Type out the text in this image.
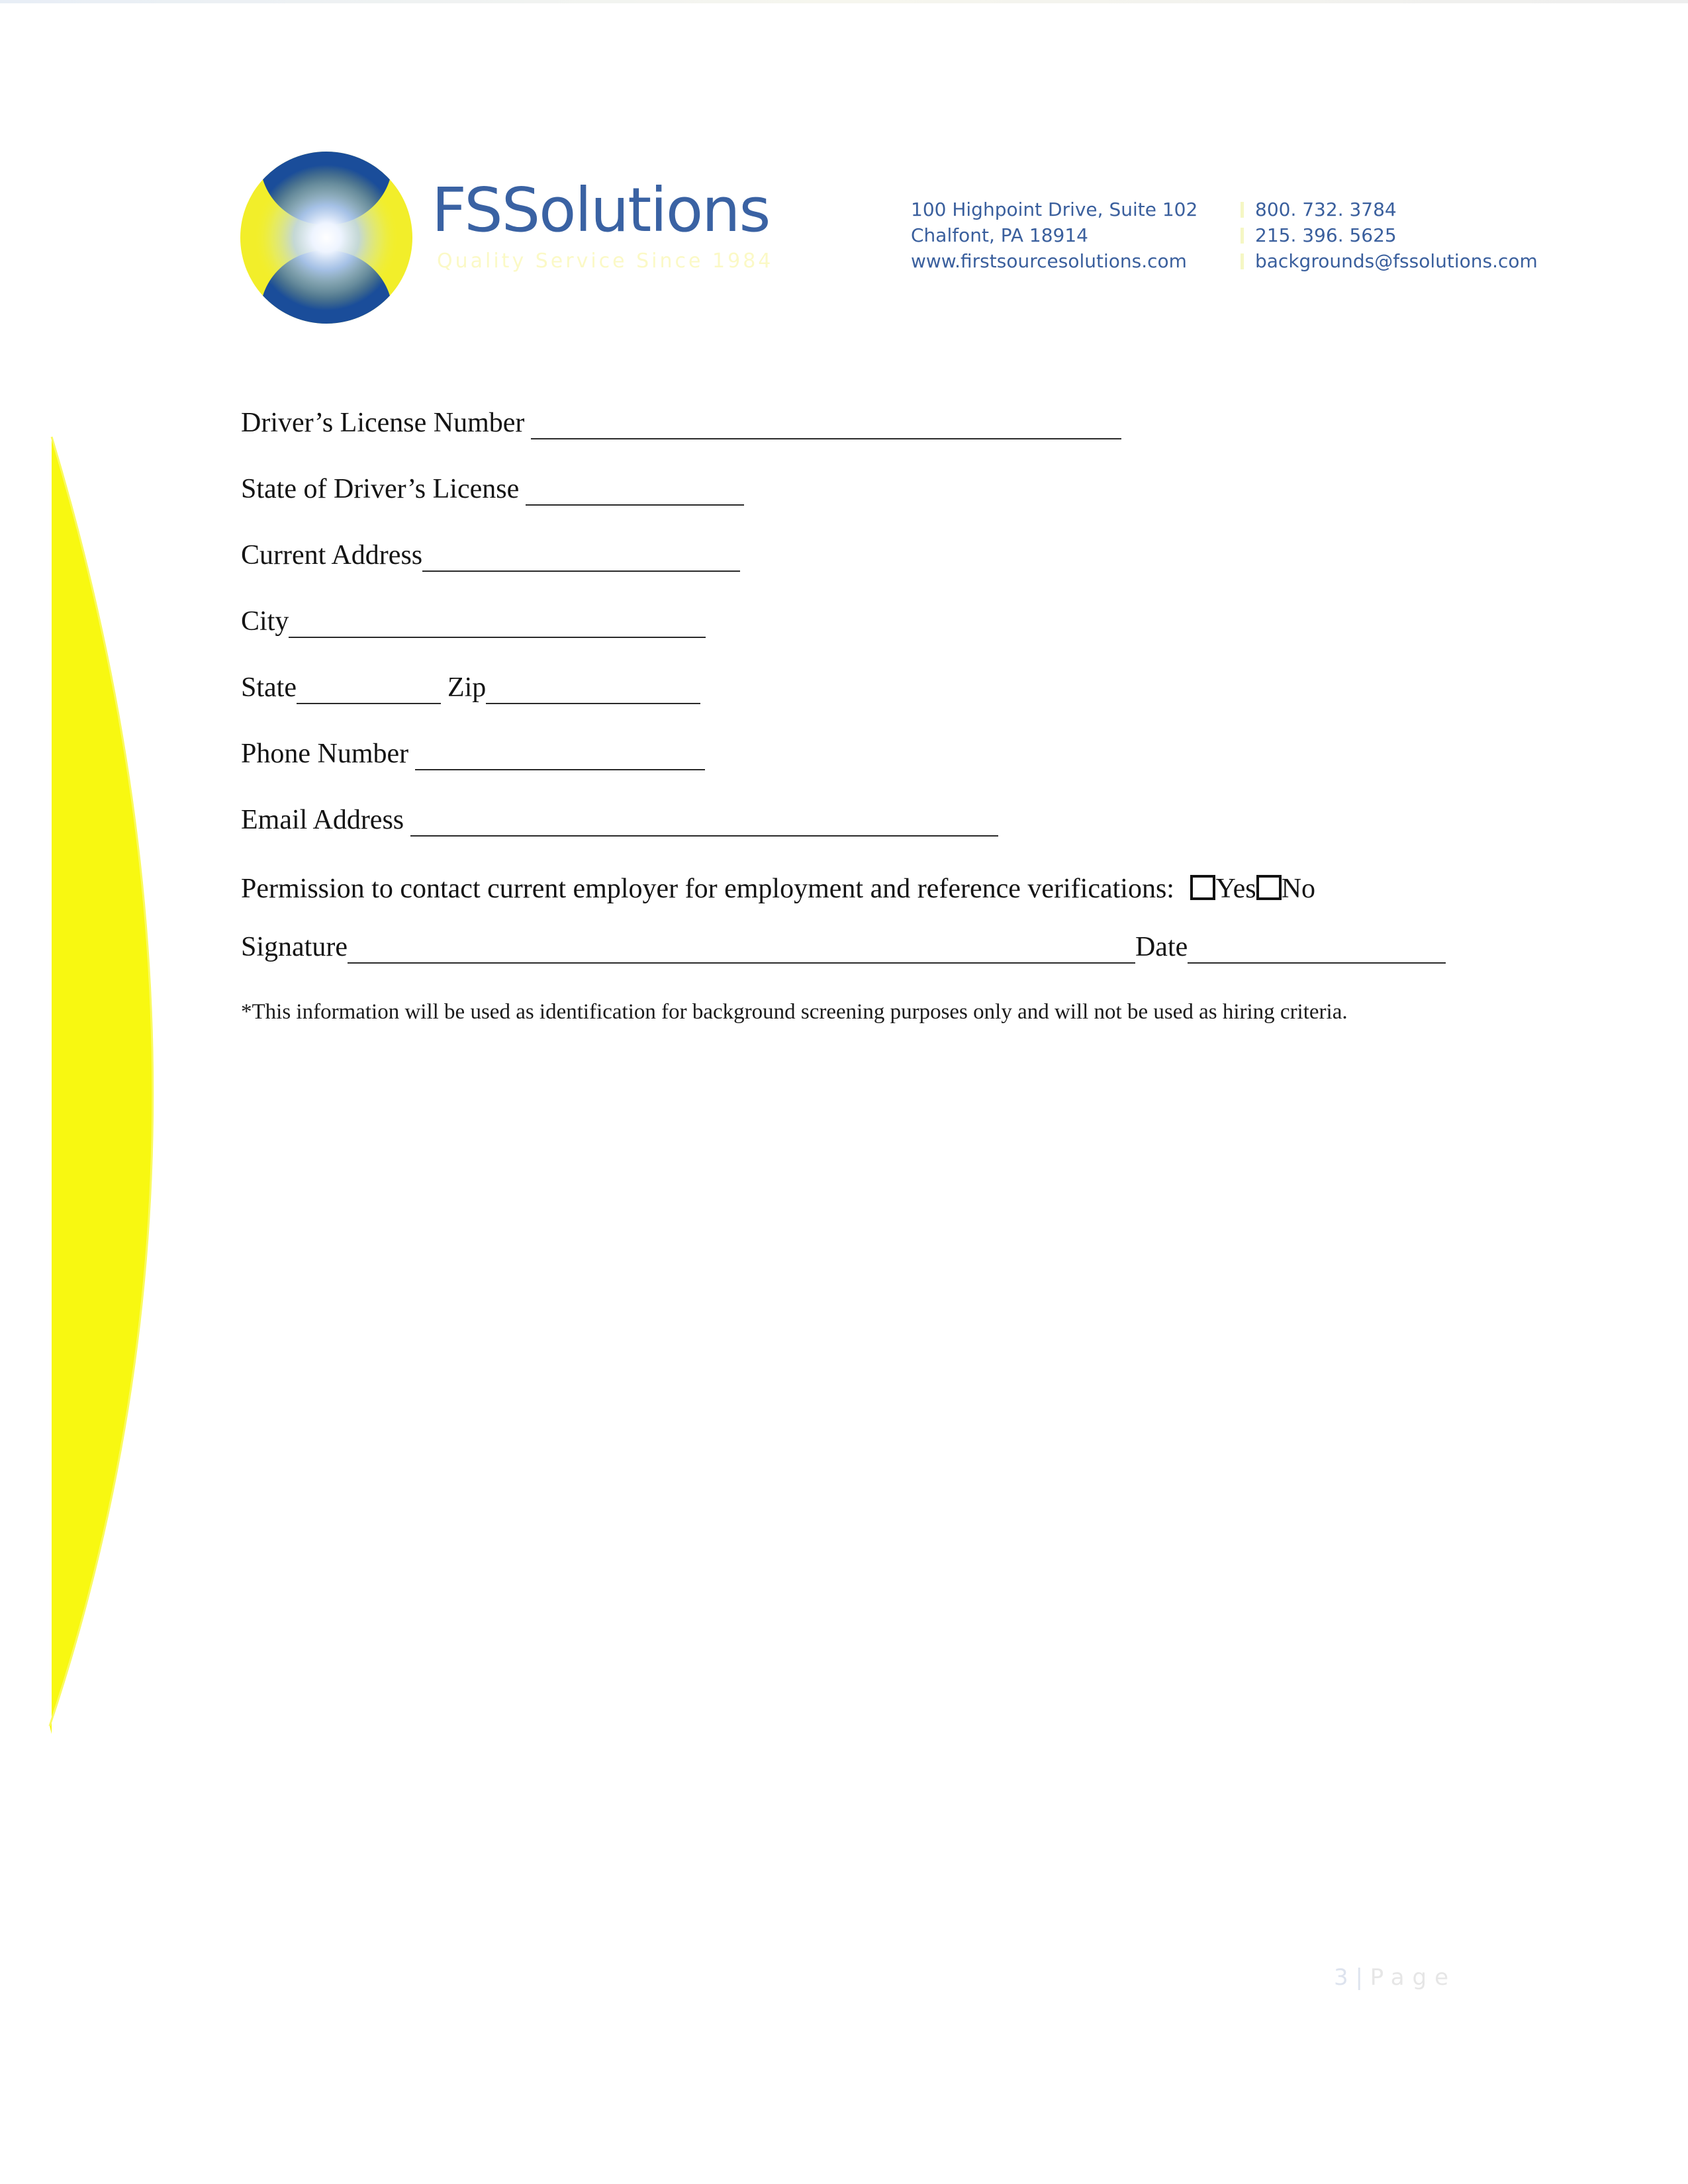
FSSolutions
Quality Service Since 1984
100 Highpoint Drive, Suite 102
Chalfont, PA 18914
www.firstsourcesolutions.com
800. 732. 3784
215. 396. 5625
backgrounds@fssolutions.com
Driver’s License Number
State of Driver’s License
Current Address
City
State	Zip
Phone Number
Email Address
Permission to contact current employer for employment and reference verifications: Yes No
Signature	Date
*This information will be used as identification for background screening purposes only and will not be used as hiring criteria.
3 | Page
